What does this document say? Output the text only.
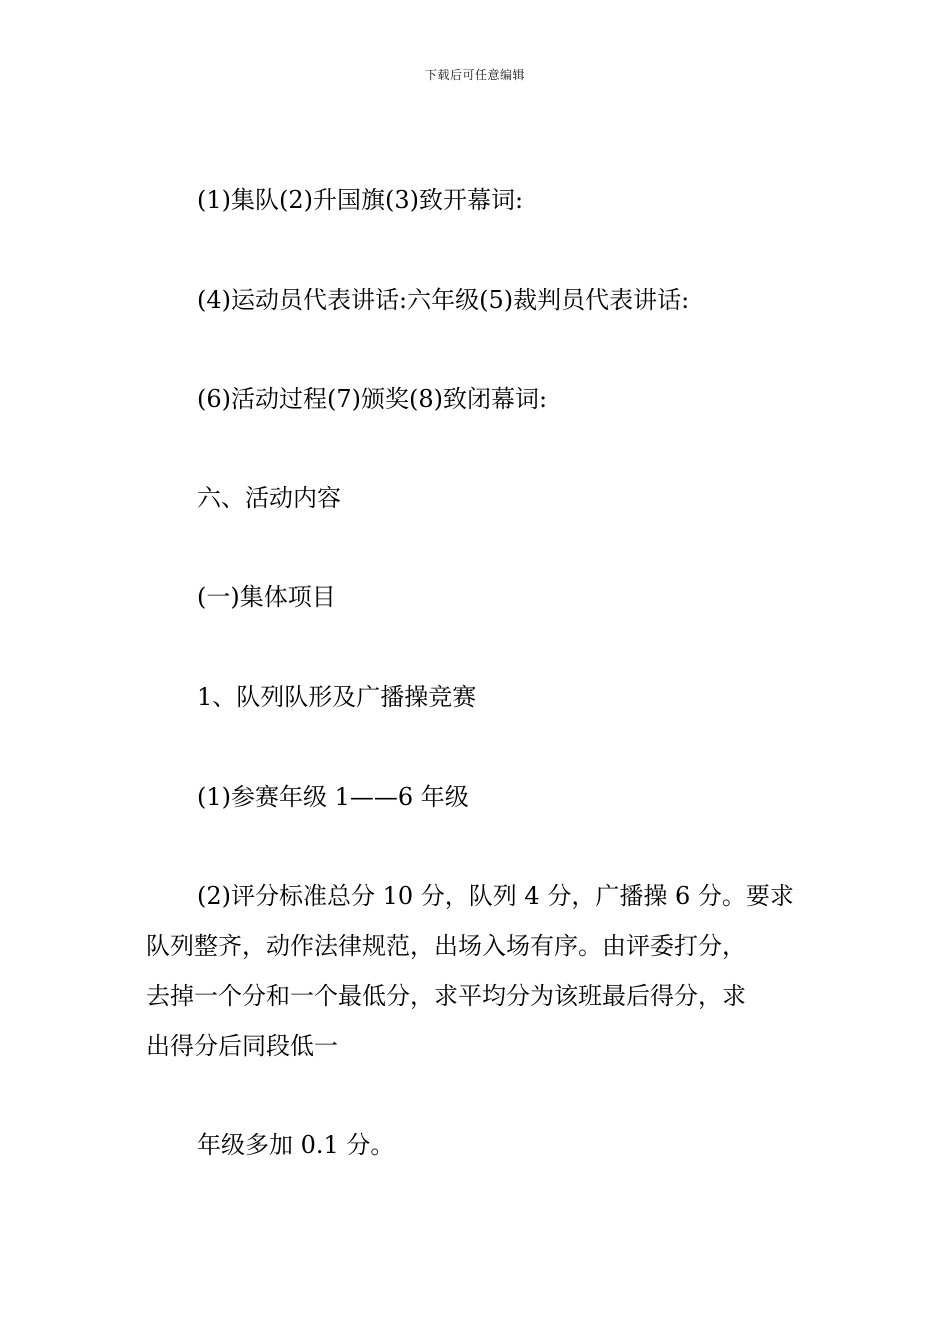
下载后可任意编辑
(1)集队(2)升国旗(3)致开幕词:
(4)运动员代表讲话:六年级(5)裁判员代表讲话:
(6)活动过程(7)颁奖(8)致闭幕词:
六、活动内容
(一)集体项目
1、队列队形及广播操竞赛
(1)参赛年级 1——6 年级
(2)评分标准总分 10 分，队列 4 分，广播操 6 分。要求
队列整齐，动作法律规范，出场入场有序。由评委打分，
去掉一个分和一个最低分，求平均分为该班最后得分，求
出得分后同段低一
年级多加 0.1 分。
